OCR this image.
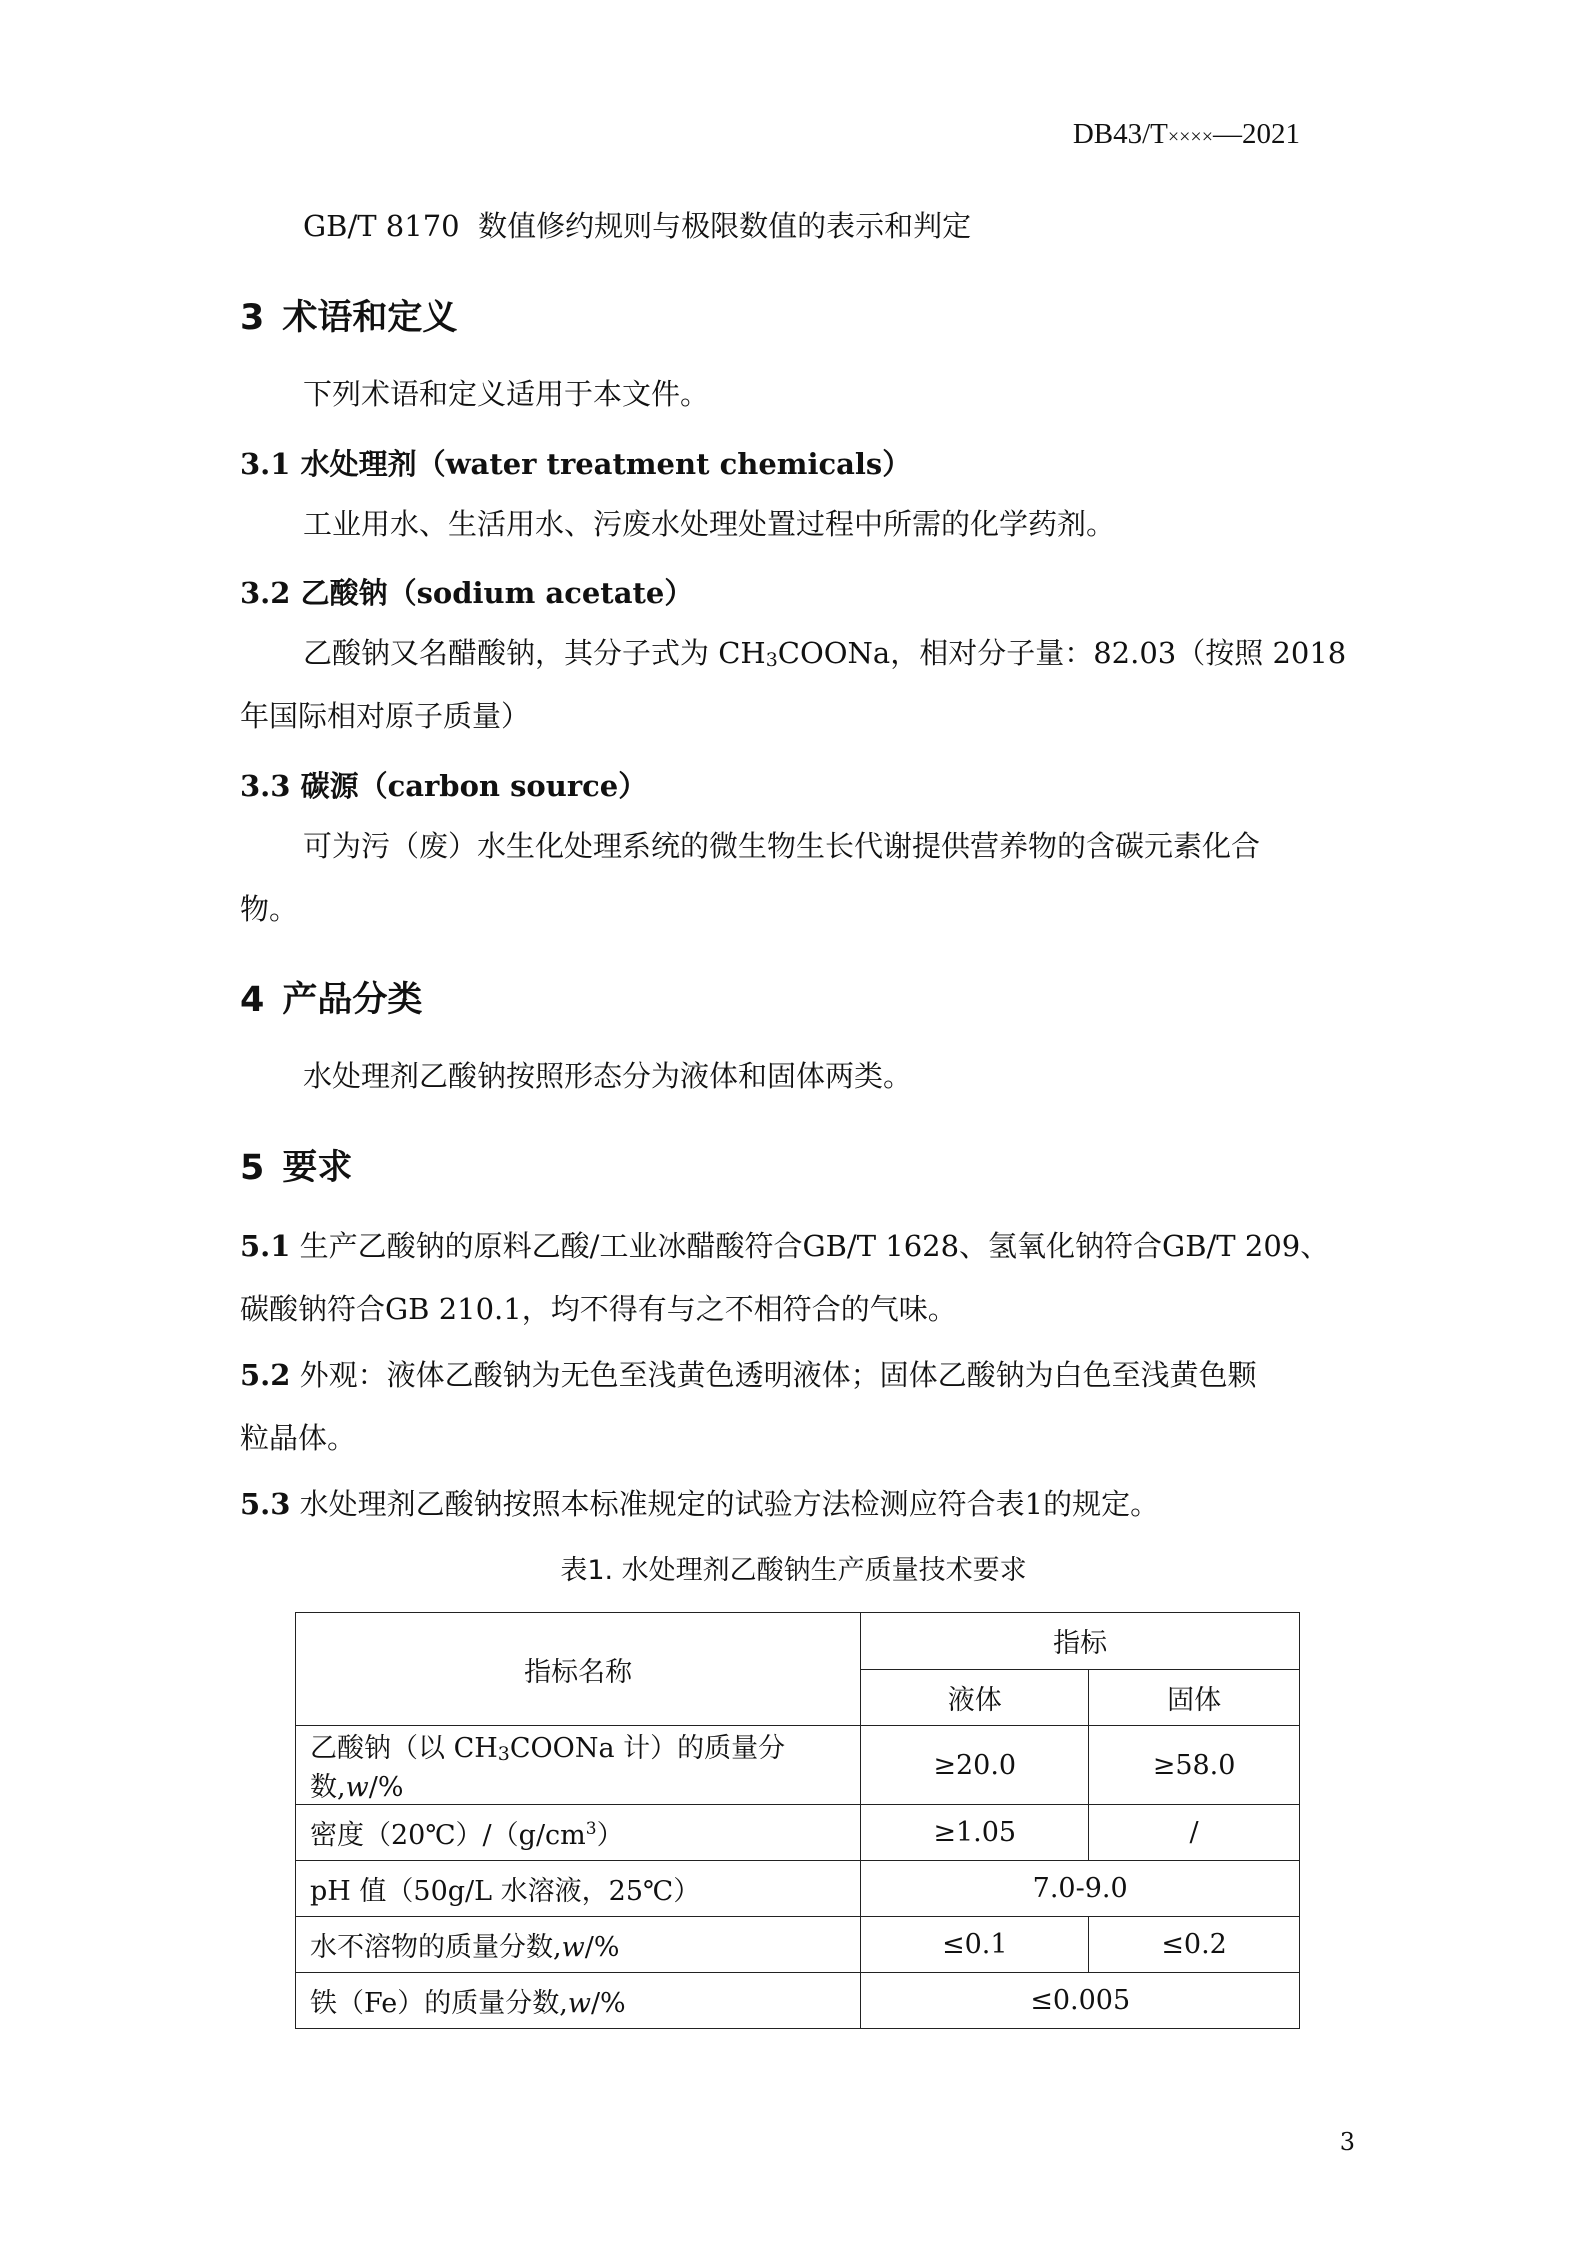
DB43/T××××—2021
GB/T 8170 数值修约规则与极限数值的表示和判定
3 术语和定义
下列术语和定义适用于本文件。
3.1 水处理剂（water treatment chemicals）
工业用水、生活用水、污废水处理处置过程中所需的化学药剂。
3.2 乙酸钠（sodium acetate）
乙酸钠又名醋酸钠，其分子式为 $CH_3COONa$，相对分子量：82.03（按照 2018
年国际相对原子质量）
3.3 碳源（carbon source）
可为污（废）水生化处理系统的微生物生长代谢提供营养物的含碳元素化合
物。
4 产品分类
水处理剂乙酸钠按照形态分为液体和固体两类。
5 要求
5.1 生产乙酸钠的原料乙酸/工业冰醋酸符合GB/T 1628、氢氧化钠符合GB/T 209、
碳酸钠符合GB 210.1，均不得有与之不相符合的气味。
5.2 外观：液体乙酸钠为无色至浅黄色透明液体；固体乙酸钠为白色至浅黄色颗
粒晶体。
5.3 水处理剂乙酸钠按照本标准规定的试验方法检测应符合表1的规定。
表1. 水处理剂乙酸钠生产质量技术要求
指标名称	指标	
	液体	固体
乙酸钠（以 $CH_3COONa$ 计）的质量分数,w/%	≥20.0	≥58.0
密度$(20℃)/(g/cm^3)$	≥1.05	/
pH 值（50g/L 水溶液，25℃）	7.0-9.0	
水不溶物的质量分数,w/%	≤0.1	≤0.2
铁（Fe）的质量分数,w/%	≤0.005	
3
